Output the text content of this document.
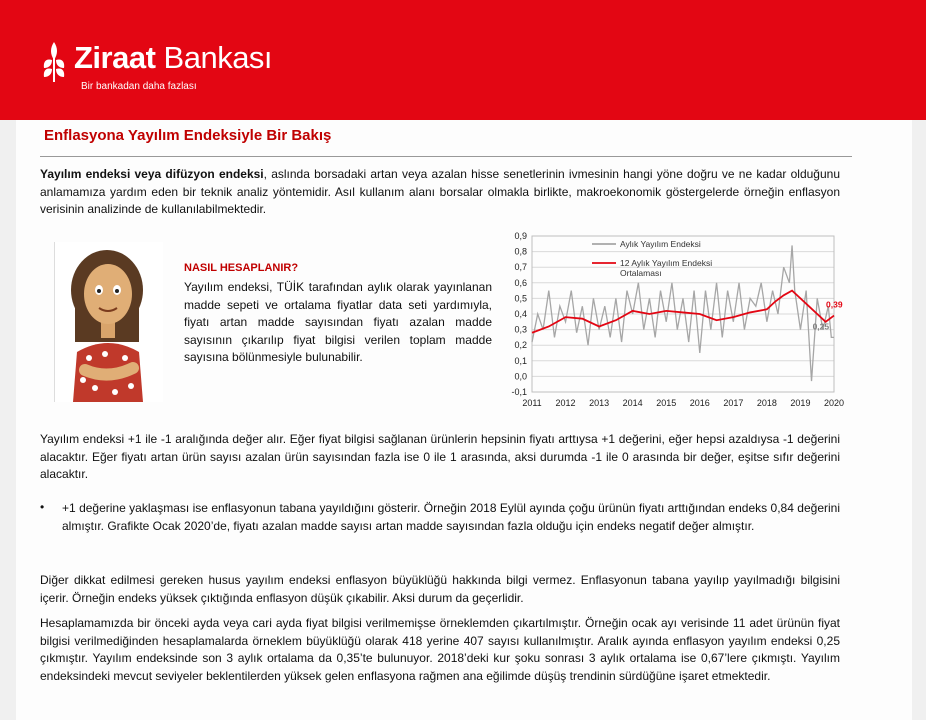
Ziraat Bankası
Bir bankadan daha fazlası
Enflasyona Yayılım Endeksiyle Bir Bakış
Yayılım endeksi veya difüzyon endeksi, aslında borsadaki artan veya azalan hisse senetlerinin ivmesinin hangi yöne doğru ve ne kadar olduğunu anlamamıza yardım eden bir teknik analiz yöntemidir. Asıl kullanım alanı borsalar olmakla birlikte, makroekonomik göstergelerde örneğin enflasyon verisinin analizinde de kullanılabilmektedir.
NASIL HESAPLANIR?
Yayılım endeksi, TÜİK tarafından aylık olarak yayınlanan madde sepeti ve ortalama fiyatlar data seti yardımıyla, fiyatı artan madde sayısından fiyatı azalan madde sayısının çıkarılıp fiyat bilgisi verilen toplam madde sayısına bölünmesiyle bulunabilir.
-0,1
0,0
0,1
0,2
0,3
0,4
0,5
0,6
0,7
0,8
0,9
2011 2012 2013 2014 2015 2016 2017 2018 2019 2020
Aylık Yayılım Endeksi
12 Aylık Yayılım Endeksi
Ortalaması
0,39
0,25
Yayılım endeksi +1 ile -1 aralığında değer alır. Eğer fiyat bilgisi sağlanan ürünlerin hepsinin fiyatı arttıysa +1 değerini, eğer hepsi azaldıysa -1 değerini alacaktır. Eğer fiyatı artan ürün sayısı azalan ürün sayısından fazla ise 0 ile 1 arasında, aksi durumda -1 ile 0 arasında bir değer, eşitse sıfır değerini alacaktır.
• +1 değerine yaklaşması ise enflasyonun tabana yayıldığını gösterir. Örneğin 2018 Eylül ayında çoğu ürünün fiyatı arttığından endeks 0,84 değerini almıştır. Grafikte Ocak 2020’de, fiyatı azalan madde sayısı artan madde sayısından fazla olduğu için endeks negatif değer almıştır.
Diğer dikkat edilmesi gereken husus yayılım endeksi enflasyon büyüklüğü hakkında bilgi vermez. Enflasyonun tabana yayılıp yayılmadığı bilgisini içerir. Örneğin endeks yüksek çıktığında enflasyon düşük çıkabilir. Aksi durum da geçerlidir.
Hesaplamamızda bir önceki ayda veya cari ayda fiyat bilgisi verilmemişse örneklemden çıkartılmıştır. Örneğin ocak ayı verisinde 11 adet ürünün fiyat bilgisi verilmediğinden hesaplamalarda örneklem büyüklüğü olarak 418 yerine 407 sayısı kullanılmıştır. Aralık ayında enflasyon yayılım endeksi 0,25 çıkmıştır. Yayılım endeksinde son 3 aylık ortalama da 0,35’te bulunuyor. 2018’deki kur şoku sonrası 3 aylık ortalama ise 0,67’lere çıkmıştı. Yayılım endeksindeki mevcut seviyeler beklentilerden yüksek gelen enflasyona rağmen ana eğilimde düşüş trendinin sürdüğüne işaret etmektedir.
